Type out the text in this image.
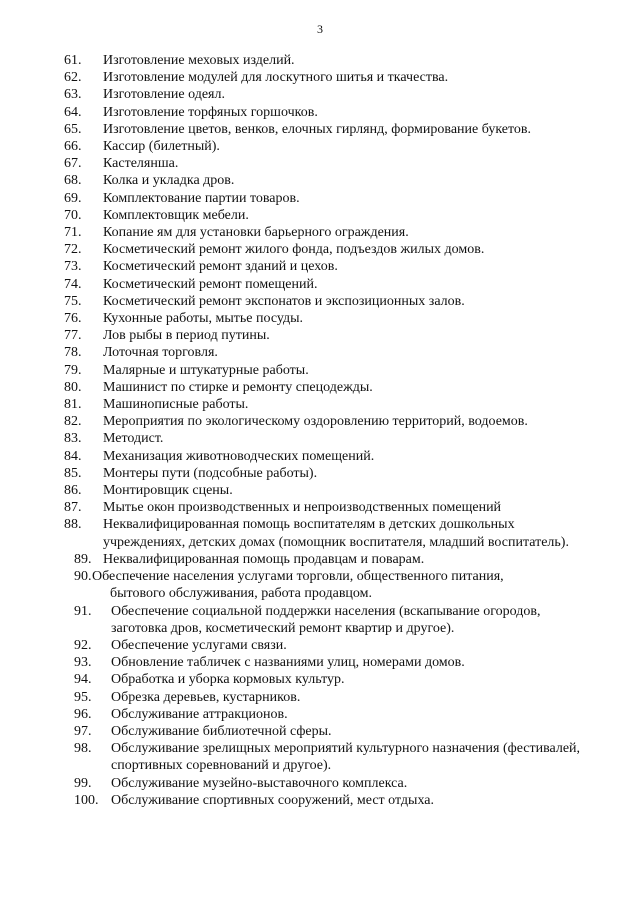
3
61. Изготовление меховых изделий.
62. Изготовление модулей для лоскутного шитья и ткачества.
63. Изготовление одеял.
64. Изготовление торфяных горшочков.
65. Изготовление цветов, венков, елочных гирлянд, формирование букетов.
66. Кассир (билетный).
67. Кастелянша.
68. Колка и укладка дров.
69. Комплектование партии товаров.
70. Комплектовщик мебели.
71. Копание ям для установки барьерного ограждения.
72. Косметический ремонт жилого фонда, подъездов жилых домов.
73. Косметический ремонт зданий и цехов.
74. Косметический ремонт помещений.
75. Косметический ремонт экспонатов и экспозиционных залов.
76. Кухонные работы, мытье посуды.
77. Лов рыбы в период путины.
78. Лоточная торговля.
79. Малярные и штукатурные работы.
80. Машинист по стирке и ремонту спецодежды.
81. Машинописные работы.
82. Мероприятия по экологическому оздоровлению территорий, водоемов.
83. Методист.
84. Механизация животноводческих помещений.
85. Монтеры пути (подсобные работы).
86. Монтировщик сцены.
87. Мытье окон производственных и непроизводственных помещений
88. Неквалифицированная помощь воспитателям в детских дошкольных учреждениях, детских домах (помощник воспитателя, младший воспитатель).
89. Неквалифицированная помощь продавцам и поварам.
90. Обеспечение населения услугами торговли, общественного питания,
бытового обслуживания, работа продавцом.
91. Обеспечение социальной поддержки населения (вскапывание огородов, заготовка дров, косметический ремонт квартир и другое).
92. Обеспечение услугами связи.
93. Обновление табличек с названиями улиц, номерами домов.
94. Обработка и уборка кормовых культур.
95. Обрезка деревьев, кустарников.
96. Обслуживание аттракционов.
97. Обслуживание библиотечной сферы.
98. Обслуживание зрелищных мероприятий культурного назначения (фестивалей, спортивных соревнований и другое).
99. Обслуживание музейно-выставочного комплекса.
100. Обслуживание спортивных сооружений, мест отдыха.
